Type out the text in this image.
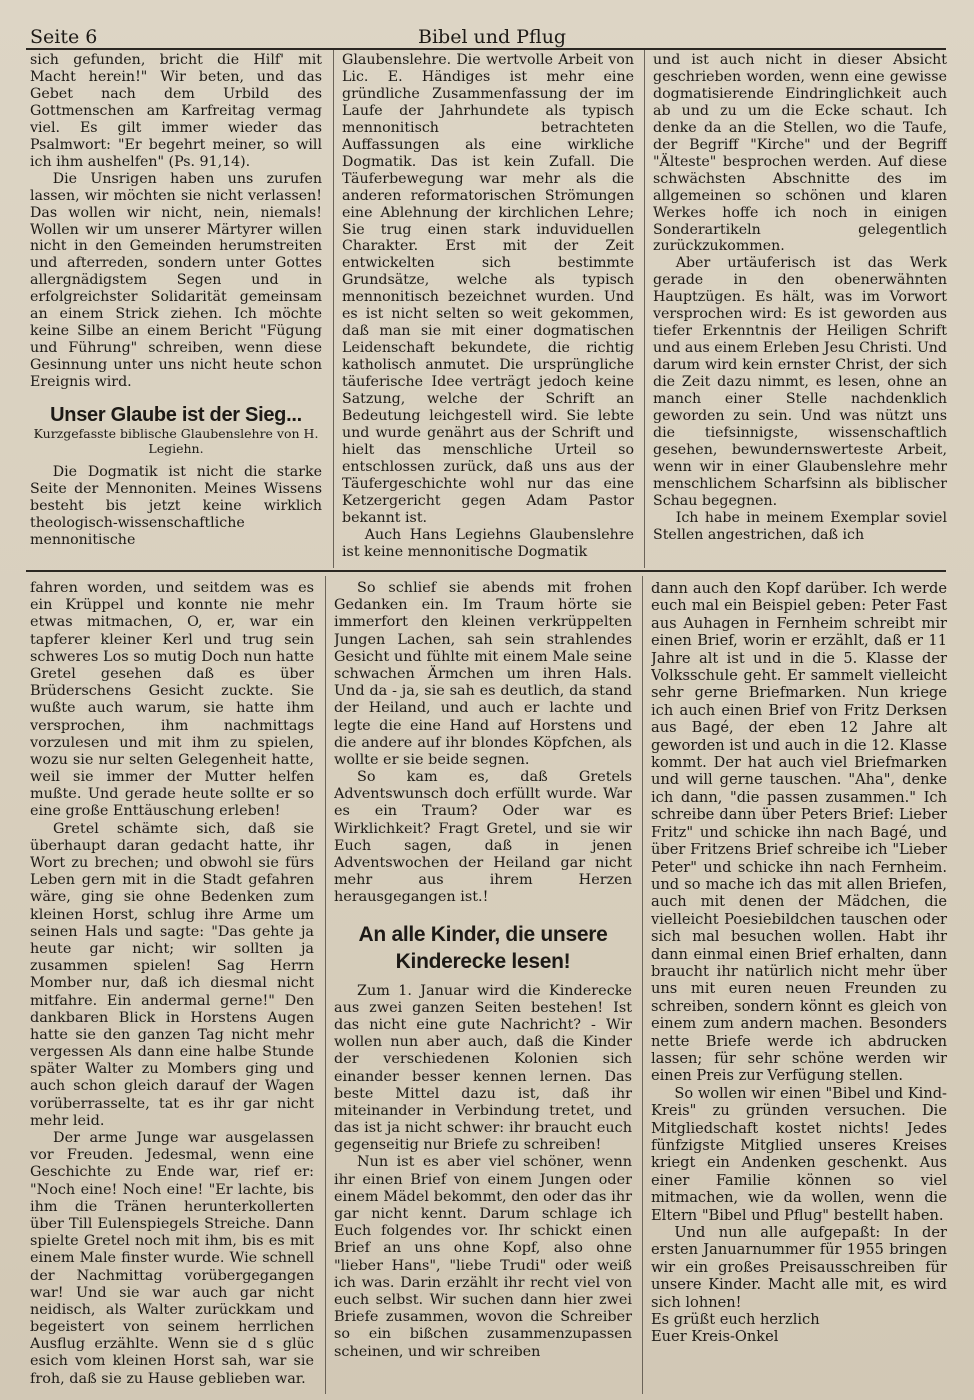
Seite 6	Bibel und Pflug

sich gefunden, bricht die Hilf' mit Macht herein!" Wir beten, und das Gebet nach dem Urbild des Gottmenschen am Karfreitag vermag viel. Es gilt immer wieder das Psalmwort: "Er begehrt meiner, so will ich ihm aushelfen" (Ps. 91,14).

Die Unsrigen haben uns zurufen lassen, wir möchten sie nicht verlassen! Das wollen wir nicht, nein, niemals! Wollen wir um unserer Märtyrer willen nicht in den Gemeinden herumstreiten und afterreden, sondern unter Gottes allergnädigstem Segen und in erfolgreichster Solidarität gemeinsam an einem Strick ziehen. Ich möchte keine Silbe an einem Bericht "Fügung und Führung" schreiben, wenn diese Gesinnung unter uns nicht heute schon Ereignis wird.

Unser Glaube ist der Sieg...
Kurzgefasste biblische Glaubenslehre von H. Legiehn.

Die Dogmatik ist nicht die starke Seite der Mennoniten. Meines Wissens besteht bis jetzt keine wirklich theologisch-wissenschaftliche mennonitische

Glaubenslehre. Die wertvolle Arbeit von Lic. E. Händiges ist mehr eine gründliche Zusammenfassung der im Laufe der Jahrhundete als typisch mennonitisch betrachteten Auffassungen als eine wirkliche Dogmatik. Das ist kein Zufall. Die Täuferbewegung war mehr als die anderen reformatorischen Strömungen eine Ablehnung der kirchlichen Lehre; Sie trug einen stark induviduellen Charakter. Erst mit der Zeit entwickelten sich bestimmte Grundsätze, welche als typisch mennonitisch bezeichnet wurden. Und es ist nicht selten so weit gekommen, daß man sie mit einer dogmatischen Leidenschaft bekundete, die richtig katholisch anmutet. Die ursprüngliche täuferische Idee verträgt jedoch keine Satzung, welche der Schrift an Bedeutung leichgestell wird. Sie lebte und wurde genährt aus der Schrift und hielt das menschliche Urteil so entschlossen zurück, daß uns aus der Täufergeschichte wohl nur das eine Ketzergericht gegen Adam Pastor bekannt ist.

Auch Hans Legiehns Glaubenslehre ist keine mennonitische Dogmatik

und ist auch nicht in dieser Absicht geschrieben worden, wenn eine gewisse dogmatisierende Eindringlichkeit auch ab und zu um die Ecke schaut. Ich denke da an die Stellen, wo die Taufe, der Begriff "Kirche" und der Begriff "Älteste" besprochen werden. Auf diese schwächsten Abschnitte des im allgemeinen so schönen und klaren Werkes hoffe ich noch in einigen Sonderartikeln gelegentlich zurückzukommen.

Aber urtäuferisch ist das Werk gerade in den obenerwähnten Hauptzügen. Es hält, was im Vorwort versprochen wird: Es ist geworden aus tiefer Erkenntnis der Heiligen Schrift und aus einem Erleben Jesu Christi. Und darum wird kein ernster Christ, der sich die Zeit dazu nimmt, es lesen, ohne an manch einer Stelle nachdenklich geworden zu sein. Und was nützt uns die tiefsinnigste, wissenschaftlich gesehen, bewundernswerteste Arbeit, wenn wir in einer Glaubenslehre mehr menschlichem Scharfsinn als biblischer Schau begegnen.

Ich habe in meinem Exemplar soviel Stellen angestrichen, daß ich

fahren worden, und seitdem was es ein Krüppel und konnte nie mehr etwas mitmachen, O, er, war ein tapferer kleiner Kerl und trug sein schweres Los so mutig Doch nun hatte Gretel gesehen daß es über Brüderschens Gesicht zuckte. Sie wußte auch warum, sie hatte ihm versprochen, ihm nachmittags vorzulesen und mit ihm zu spielen, wozu sie nur selten Gelegenheit hatte, weil sie immer der Mutter helfen mußte. Und gerade heute sollte er so eine große Enttäuschung erleben!

Gretel schämte sich, daß sie überhaupt daran gedacht hatte, ihr Wort zu brechen; und obwohl sie fürs Leben gern mit in die Stadt gefahren wäre, ging sie ohne Bedenken zum kleinen Horst, schlug ihre Arme um seinen Hals und sagte: "Das gehte ja heute gar nicht; wir sollten ja zusammen spielen! Sag Herrn Momber nur, daß ich diesmal nicht mitfahre. Ein andermal gerne!" Den dankbaren Blick in Horstens Augen hatte sie den ganzen Tag nicht mehr vergessen Als dann eine halbe Stunde später Walter zu Mombers ging und auch schon gleich darauf der Wagen vorüberrasselte, tat es ihr gar nicht mehr leid.

Der arme Junge war ausgelassen vor Freuden. Jedesmal, wenn eine Geschichte zu Ende war, rief er: "Noch eine! Noch eine! "Er lachte, bis ihm die Tränen herunterkollerten über Till Eulenspiegels Streiche. Dann spielte Gretel noch mit ihm, bis es mit einem Male finster wurde. Wie schnell der Nachmittag vorübergegangen war! Und sie war auch gar nicht neidisch, als Walter zurückkam und begeistert von seinem herrlichen Ausflug erzählte. Wenn sie d s glüc esich vom kleinen Horst sah, war sie froh, daß sie zu Hause geblieben war.

So schlief sie abends mit frohen Gedanken ein. Im Traum hörte sie immerfort den kleinen verkrüppelten Jungen Lachen, sah sein strahlendes Gesicht und fühlte mit einem Male seine schwachen Ärmchen um ihren Hals. Und da - ja, sie sah es deutlich, da stand der Heiland, und auch er lachte und legte die eine Hand auf Horstens und die andere auf ihr blondes Köpfchen, als wollte er sie beide segnen.

So kam es, daß Gretels Adventswunsch doch erfüllt wurde. War es ein Traum? Oder war es Wirklichkeit? Fragt Gretel, und sie wir Euch sagen, daß in jenen Adventswochen der Heiland gar nicht mehr aus ihrem Herzen herausgegangen ist.!

An alle Kinder, die unsere Kinderecke lesen!

Zum 1. Januar wird die Kinderecke aus zwei ganzen Seiten bestehen! Ist das nicht eine gute Nachricht? - Wir wollen nun aber auch, daß die Kinder der verschiedenen Kolonien sich einander besser kennen lernen. Das beste Mittel dazu ist, daß ihr miteinander in Verbindung tretet, und das ist ja nicht schwer: ihr braucht euch gegenseitig nur Briefe zu schreiben!

Nun ist es aber viel schöner, wenn ihr einen Brief von einem Jungen oder einem Mädel bekommt, den oder das ihr gar nicht kennt. Darum schlage ich Euch folgendes vor. Ihr schickt einen Brief an uns ohne Kopf, also ohne "lieber Hans", "liebe Trudi" oder weiß ich was. Darin erzählt ihr recht viel von euch selbst. Wir suchen dann hier zwei Briefe zusammen, wovon die Schreiber so ein bißchen zusammenzupassen scheinen, und wir schreiben

dann auch den Kopf darüber. Ich werde euch mal ein Beispiel geben: Peter Fast aus Auhagen in Fernheim schreibt mir einen Brief, worin er erzählt, daß er 11 Jahre alt ist und in die 5. Klasse der Volksschule geht. Er sammelt vielleicht sehr gerne Briefmarken. Nun kriege ich auch einen Brief von Fritz Derksen aus Bagé, der eben 12 Jahre alt geworden ist und auch in die 12. Klasse kommt. Der hat auch viel Briefmarken und will gerne tauschen. "Aha", denke ich dann, "die passen zusammen." Ich schreibe dann über Peters Brief: Lieber Fritz" und schicke ihn nach Bagé, und über Fritzens Brief schreibe ich "Lieber Peter" und schicke ihn nach Fernheim. und so mache ich das mit allen Briefen, auch mit denen der Mädchen, die vielleicht Poesiebildchen tauschen oder sich mal besuchen wollen. Habt ihr dann einmal einen Brief erhalten, dann braucht ihr natürlich nicht mehr über uns mit euren neuen Freunden zu schreiben, sondern könnt es gleich von einem zum andern machen. Besonders nette Briefe werde ich abdrucken lassen; für sehr schöne werden wir einen Preis zur Verfügung stellen.

So wollen wir einen "Bibel und Kind-Kreis" zu gründen versuchen. Die Mitgliedschaft kostet nichts! Jedes fünfzigste Mitglied unseres Kreises kriegt ein Andenken geschenkt. Aus einer Familie können so viel mitmachen, wie da wollen, wenn die Eltern "Bibel und Pflug" bestellt haben.

Und nun alle aufgepaßt: In der ersten Januarnummer für 1955 bringen wir ein großes Preisausschreiben für unsere Kinder. Macht alle mit, es wird sich lohnen!

Es grüßt euch herzlich

Euer Kreis-Onkel
